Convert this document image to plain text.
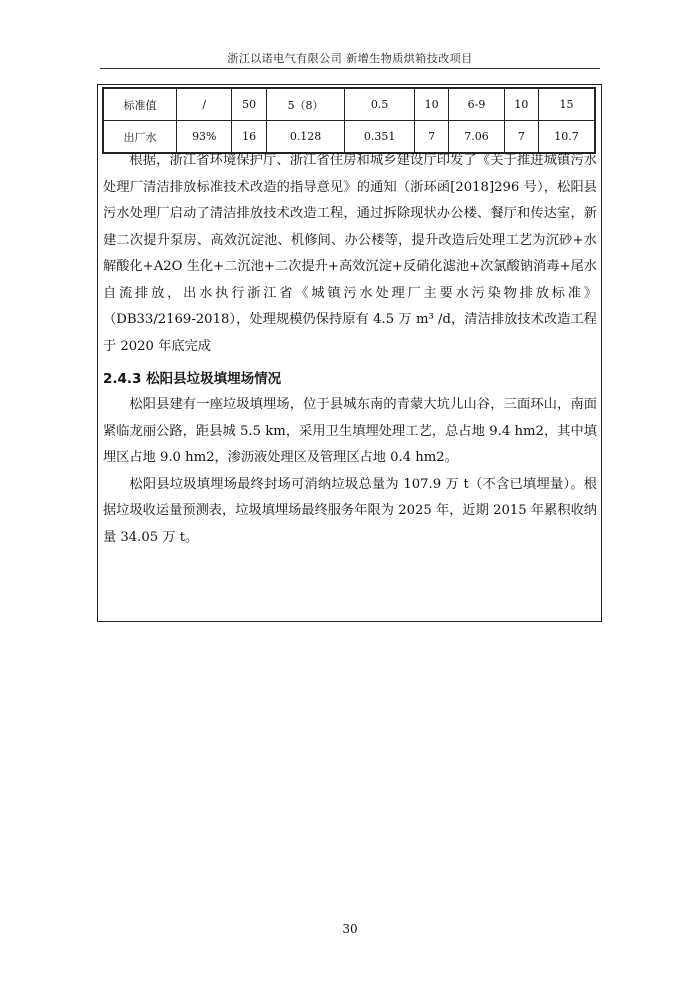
浙江以诺电气有限公司 新增生物质烘箱技改项目
标准值	/	50	5（8）	0.5	10	6-9	10	15
出厂水	93%	16	0.128	0.351	7	7.06	7	10.7

根据，浙江省环境保护厅、浙江省住房和城乡建设厅印发了《关于推进城镇污水处理厂清洁排放标准技术改造的指导意见》的通知（浙环函[2018]296 号），松阳县污水处理厂启动了清洁排放技术改造工程，通过拆除现状办公楼、餐厅和传达室，新建二次提升泵房、高效沉淀池、机修间、办公楼等，提升改造后处理工艺为沉砂+水解酸化+A2O 生化+二沉池+二次提升+高效沉淀+反硝化滤池+次氯酸钠消毒+尾水自流排放，出水执行浙江省《城镇污水处理厂主要水污染物排放标准》（DB33/2169-2018），处理规模仍保持原有 4.5 万 m³ /d，清洁排放技术改造工程于 2020 年底完成

2.4.3 松阳县垃圾填埋场情况

松阳县建有一座垃圾填埋场，位于县城东南的青蒙大坑儿山谷，三面环山，南面紧临龙丽公路，距县城 5.5 km，采用卫生填埋处理工艺，总占地 9.4 hm2，其中填埋区占地 9.0 hm2，渗沥液处理区及管理区占地 0.4 hm2。

松阳县垃圾填埋场最终封场可消纳垃圾总量为 107.9 万 t（不含已填埋量）。根据垃圾收运量预测表，垃圾填埋场最终服务年限为 2025 年，近期 2015 年累积收纳量 34.05 万 t。

30
